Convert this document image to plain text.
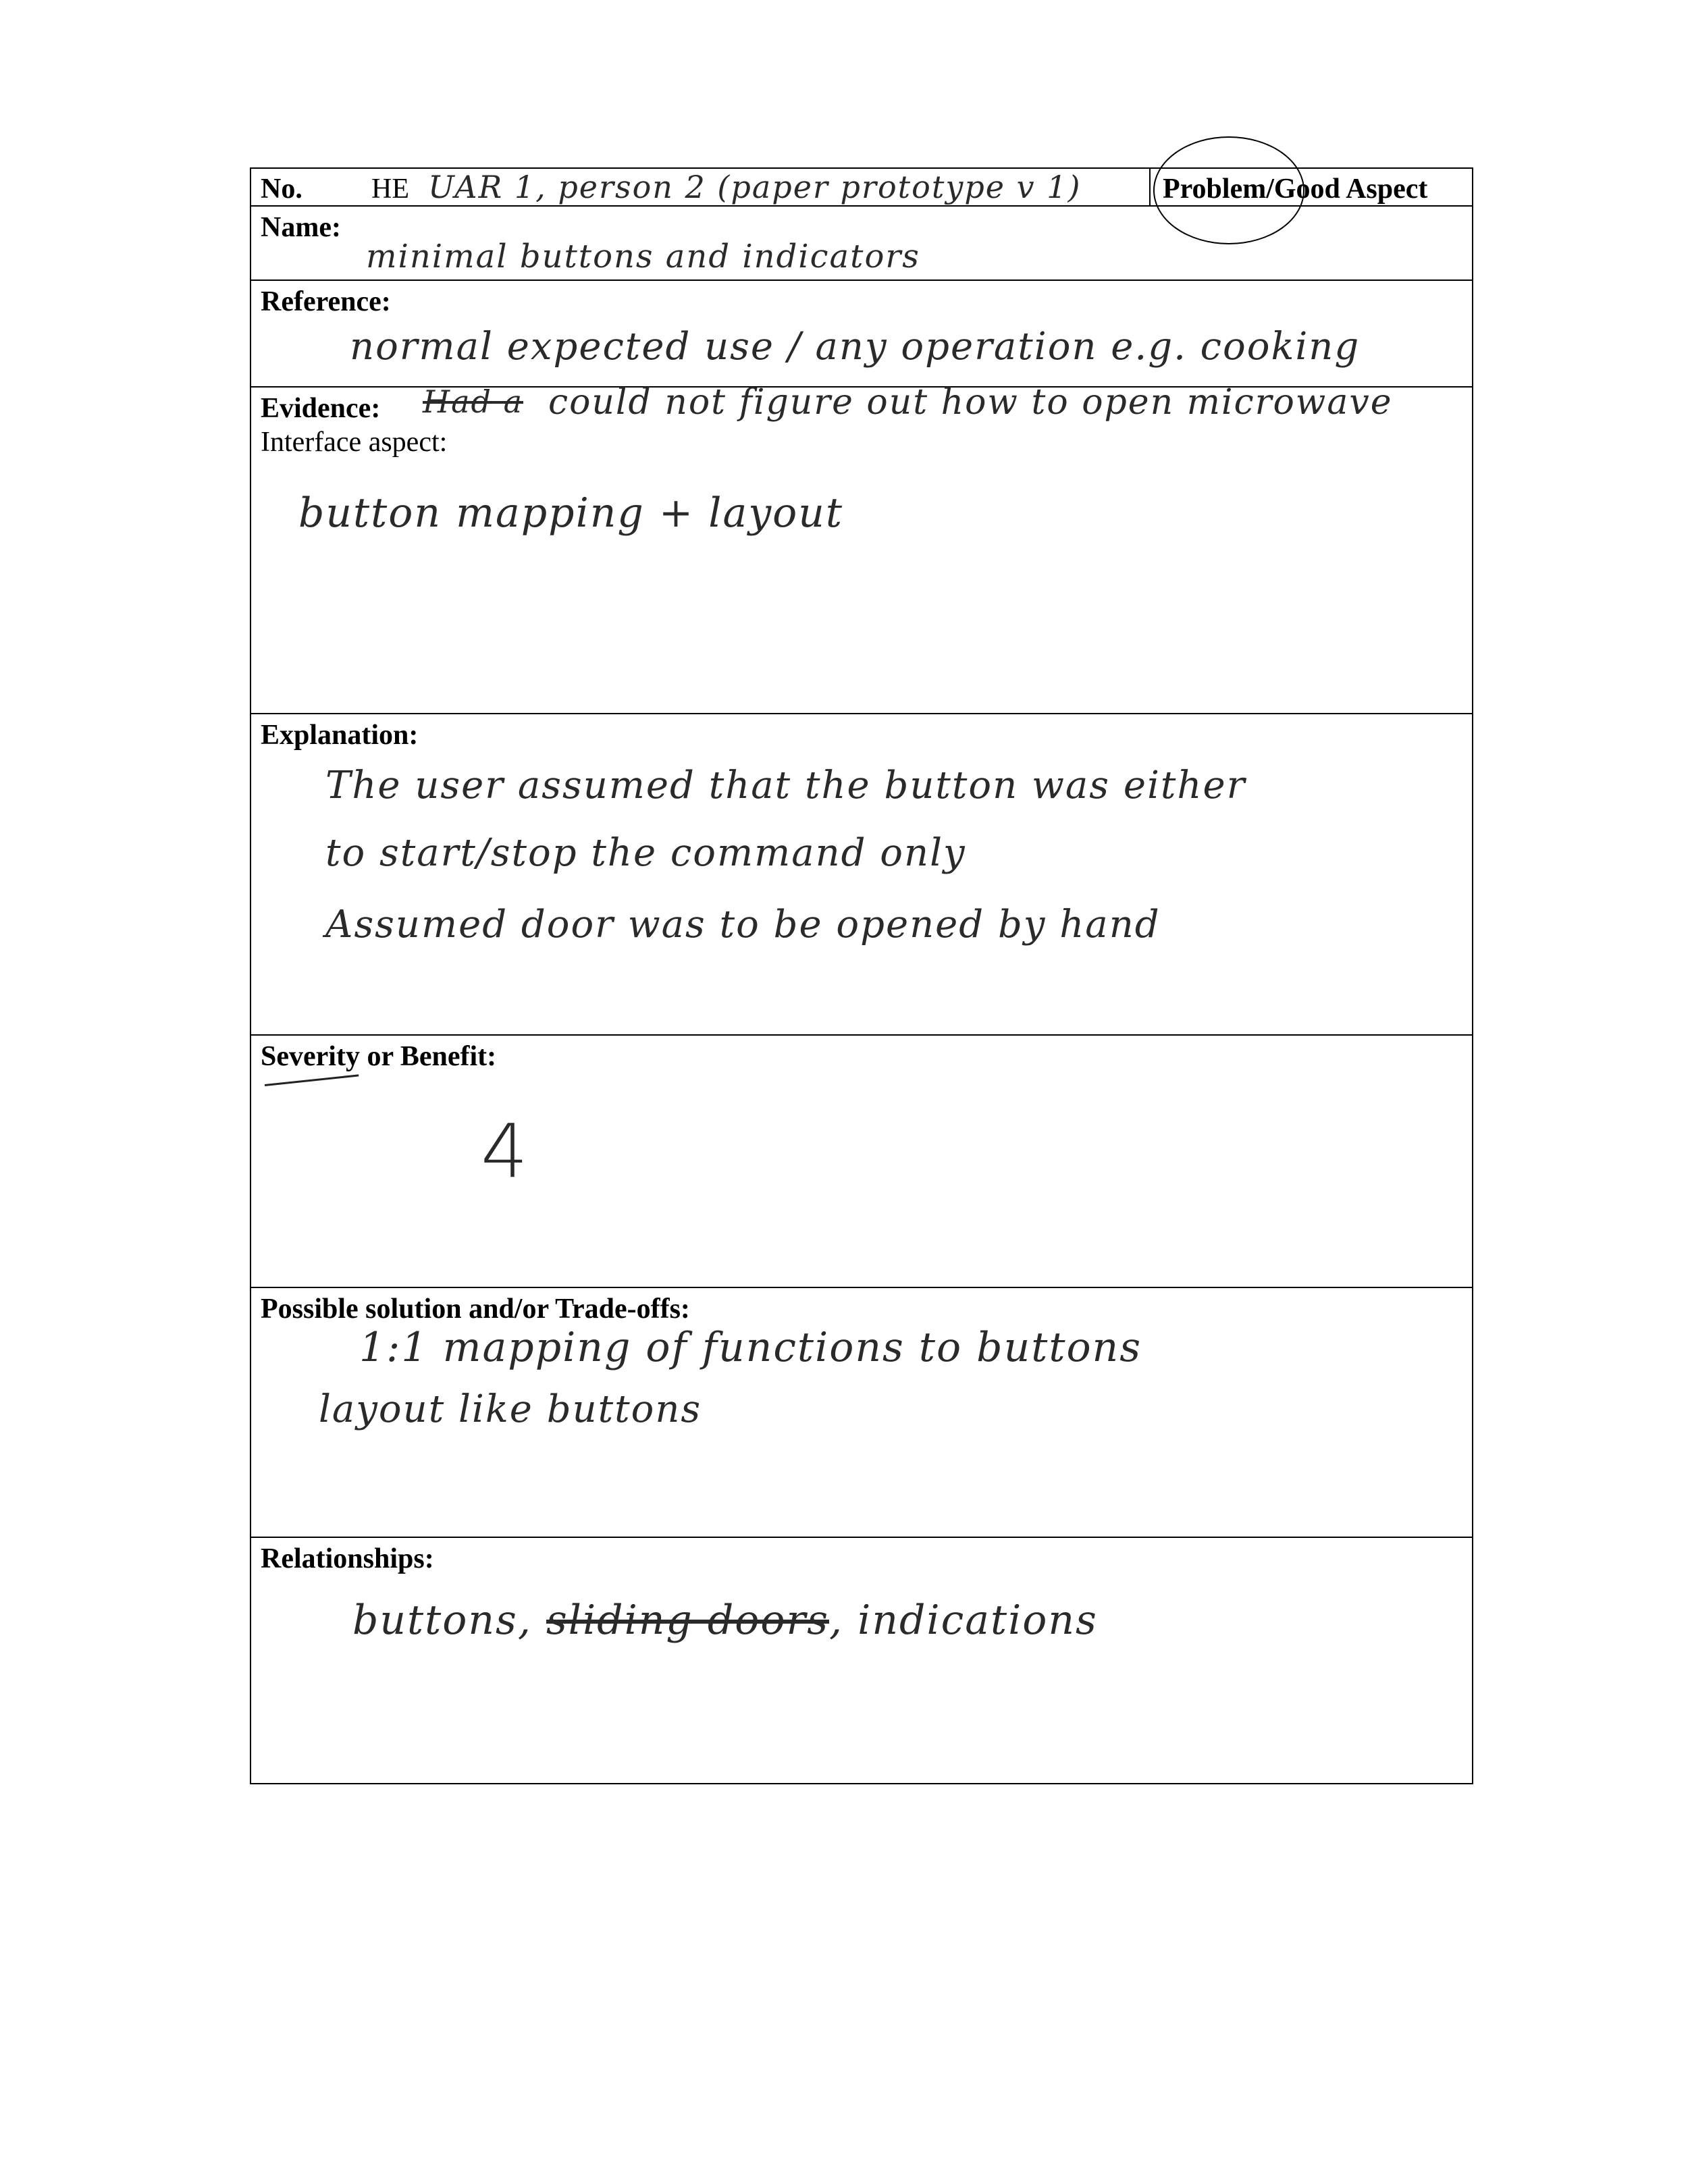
No. HE UAR 1, person 2 (paper prototype v 1)	Problem/Good Aspect
Name:
minimal buttons and indicators
Reference:
normal expected use / any operation e.g. cooking
Evidence: Had a could not figure out how to open microwave
Interface aspect:
button mapping + layout
Explanation:
The user assumed that the button was either
to start/stop the command only
Assumed door was to be opened by hand
Severity or Benefit:
4
Possible solution and/or Trade-offs:
1:1 mapping of functions to buttons
layout like buttons
Relationships:
buttons, sliding doors, indications
